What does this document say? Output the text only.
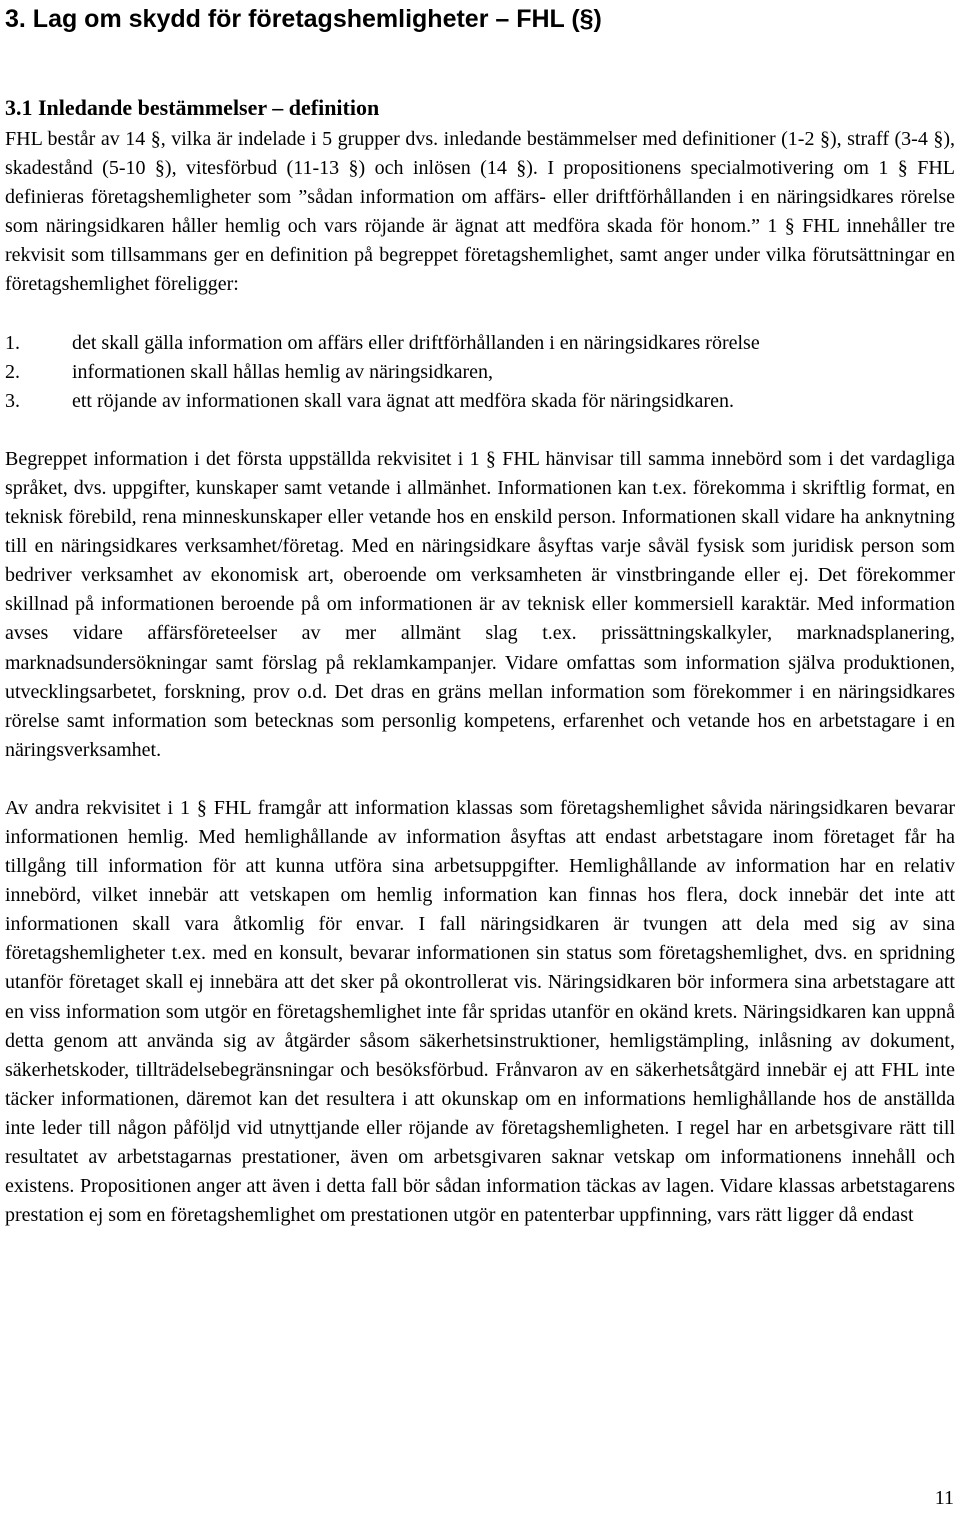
3. Lag om skydd för företagshemligheter – FHL (§)
3.1 Inledande bestämmelser – definition

FHL består av 14 §, vilka är indelade i 5 grupper dvs. inledande bestämmelser med definitioner (1-2 §), straff (3-4 §), skadestånd (5-10 §), vitesförbud (11-13 §) och inlösen (14 §). I propositionens specialmotivering om 1 § FHL definieras företagshemligheter som ”sådan information om affärs- eller driftförhållanden i en näringsidkares rörelse som näringsidkaren håller hemlig och vars röjande är ägnat att medföra skada för honom.” 1 § FHL innehåller tre rekvisit som tillsammans ger en definition på begreppet företagshemlighet, samt anger under vilka förutsättningar en företagshemlighet föreligger:

1.	det skall gälla information om affärs eller driftförhållanden i en näringsidkares rörelse
2.	informationen skall hållas hemlig av näringsidkaren,
3.	ett röjande av informationen skall vara ägnat att medföra skada för näringsidkaren.

Begreppet information i det första uppställda rekvisitet i 1 § FHL hänvisar till samma innebörd som i det vardagliga språket, dvs. uppgifter, kunskaper samt vetande i allmänhet. Informationen kan t.ex. förekomma i skriftlig format, en teknisk förebild, rena minneskunskaper eller vetande hos en enskild person. Informationen skall vidare ha anknytning till en näringsidkares verksamhet/företag. Med en näringsidkare åsyftas varje såväl fysisk som juridisk person som bedriver verksamhet av ekonomisk art, oberoende om verksamheten är vinstbringande eller ej. Det förekommer skillnad på informationen beroende på om informationen är av teknisk eller kommersiell karaktär. Med information avses vidare affärsföreteelser av mer allmänt slag t.ex. prissättningskalkyler, marknadsplanering, marknadsundersökningar samt förslag på reklamkampanjer. Vidare omfattas som information själva produktionen, utvecklingsarbetet, forskning, prov o.d. Det dras en gräns mellan information som förekommer i en näringsidkares rörelse samt information som betecknas som personlig kompetens, erfarenhet och vetande hos en arbetstagare i en näringsverksamhet.

Av andra rekvisitet i 1 § FHL framgår att information klassas som företagshemlighet såvida näringsidkaren bevarar informationen hemlig. Med hemlighållande av information åsyftas att endast arbetstagare inom företaget får ha tillgång till information för att kunna utföra sina arbetsuppgifter. Hemlighållande av information har en relativ innebörd, vilket innebär att vetskapen om hemlig information kan finnas hos flera, dock innebär det inte att informationen skall vara åtkomlig för envar. I fall näringsidkaren är tvungen att dela med sig av sina företagshemligheter t.ex. med en konsult, bevarar informationen sin status som företagshemlighet, dvs. en spridning utanför företaget skall ej innebära att det sker på okontrollerat vis. Näringsidkaren bör informera sina arbetstagare att en viss information som utgör en företagshemlighet inte får spridas utanför en okänd krets. Näringsidkaren kan uppnå detta genom att använda sig av åtgärder såsom säkerhetsinstruktioner, hemligstämpling, inlåsning av dokument, säkerhetskoder, tillträdelsebegränsningar och besöksförbud. Frånvaron av en säkerhetsåtgärd innebär ej att FHL inte täcker informationen, däremot kan det resultera i att okunskap om en informations hemlighållande hos de anställda inte leder till någon påföljd vid utnyttjande eller röjande av företagshemligheten. I regel har en arbetsgivare rätt till resultatet av arbetstagarnas prestationer, även om arbetsgivaren saknar vetskap om informationens innehåll och existens. Propositionen anger att även i detta fall bör sådan information täckas av lagen. Vidare klassas arbetstagarens prestation ej som en företagshemlighet om prestationen utgör en patenterbar uppfinning, vars rätt ligger då endast

11
